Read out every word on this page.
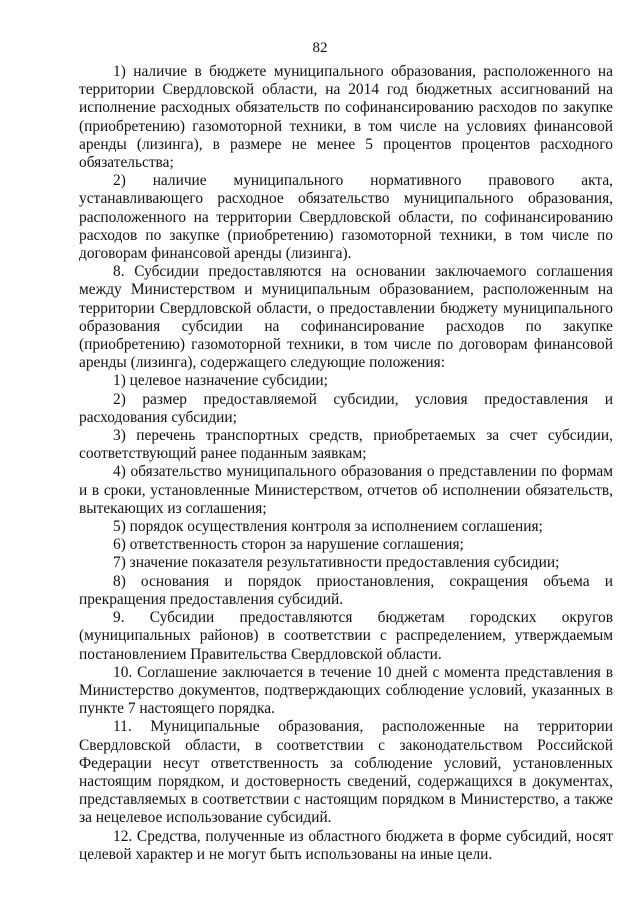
82

1) наличие в бюджете муниципального образования, расположенного на территории Свердловской области, на 2014 год бюджетных ассигнований на исполнение расходных обязательств по софинансированию расходов по закупке (приобретению) газомоторной техники, в том числе на условиях финансовой аренды (лизинга), в размере не менее 5 процентов процентов расходного обязательства;

2) наличие муниципального нормативного правового акта, устанавливающего расходное обязательство муниципального образования, расположенного на территории Свердловской области, по софинансированию расходов по закупке (приобретению) газомоторной техники, в том числе по договорам финансовой аренды (лизинга).

8. Субсидии предоставляются на основании заключаемого соглашения между Министерством и муниципальным образованием, расположенным на территории Свердловской области, о предоставлении бюджету муниципального образования субсидии на софинансирование расходов по закупке (приобретению) газомоторной техники, в том числе по договорам финансовой аренды (лизинга), содержащего следующие положения:

1) целевое назначение субсидии;

2) размер предоставляемой субсидии, условия предоставления и расходования субсидии;

3) перечень транспортных средств, приобретаемых за счет субсидии, соответствующий ранее поданным заявкам;

4) обязательство муниципального образования о представлении по формам и в сроки, установленные Министерством, отчетов об исполнении обязательств, вытекающих из соглашения;

5) порядок осуществления контроля за исполнением соглашения;

6) ответственность сторон за нарушение соглашения;

7) значение показателя результативности предоставления субсидии;

8) основания и порядок приостановления, сокращения объема и прекращения предоставления субсидий.

9. Субсидии предоставляются бюджетам городских округов (муниципальных районов) в соответствии с распределением, утверждаемым постановлением Правительства Свердловской области.

10. Соглашение заключается в течение 10 дней с момента представления в Министерство документов, подтверждающих соблюдение условий, указанных в пункте 7 настоящего порядка.

11. Муниципальные образования, расположенные на территории Свердловской области, в соответствии с законодательством Российской Федерации несут ответственность за соблюдение условий, установленных настоящим порядком, и достоверность сведений, содержащихся в документах, представляемых в соответствии с настоящим порядком в Министерство, а также за нецелевое использование субсидий.

12. Средства, полученные из областного бюджета в форме субсидий, носят целевой характер и не могут быть использованы на иные цели.
